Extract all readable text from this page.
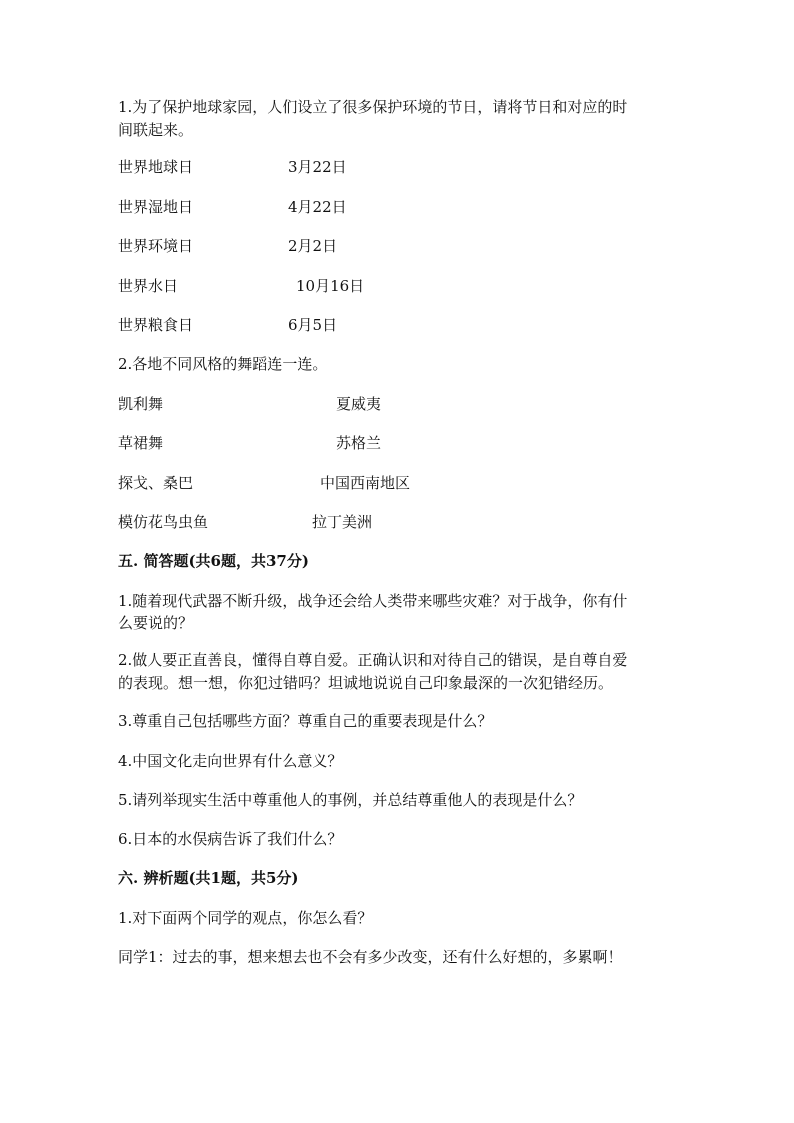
1.为了保护地球家园，人们设立了很多保护环境的节日，请将节日和对应的时
间联起来。
世界地球日	3月22日
世界湿地日	4月22日
世界环境日	2月2日
世界水日	10月16日
世界粮食日	6月5日
2.各地不同风格的舞蹈连一连。
凯利舞	夏威夷
草裙舞	苏格兰
探戈、桑巴	中国西南地区
模仿花鸟虫鱼	拉丁美洲
五. 简答题(共6题，共37分)
1.随着现代武器不断升级，战争还会给人类带来哪些灾难？对于战争，你有什
么要说的？
2.做人要正直善良，懂得自尊自爱。正确认识和对待自己的错误，是自尊自爱
的表现。想一想，你犯过错吗？坦诚地说说自己印象最深的一次犯错经历。
3.尊重自己包括哪些方面？尊重自己的重要表现是什么？
4.中国文化走向世界有什么意义？
5.请列举现实生活中尊重他人的事例，并总结尊重他人的表现是什么？
6.日本的水俣病告诉了我们什么？
六. 辨析题(共1题，共5分)
1.对下面两个同学的观点，你怎么看？
同学1：过去的事，想来想去也不会有多少改变，还有什么好想的，多累啊！
